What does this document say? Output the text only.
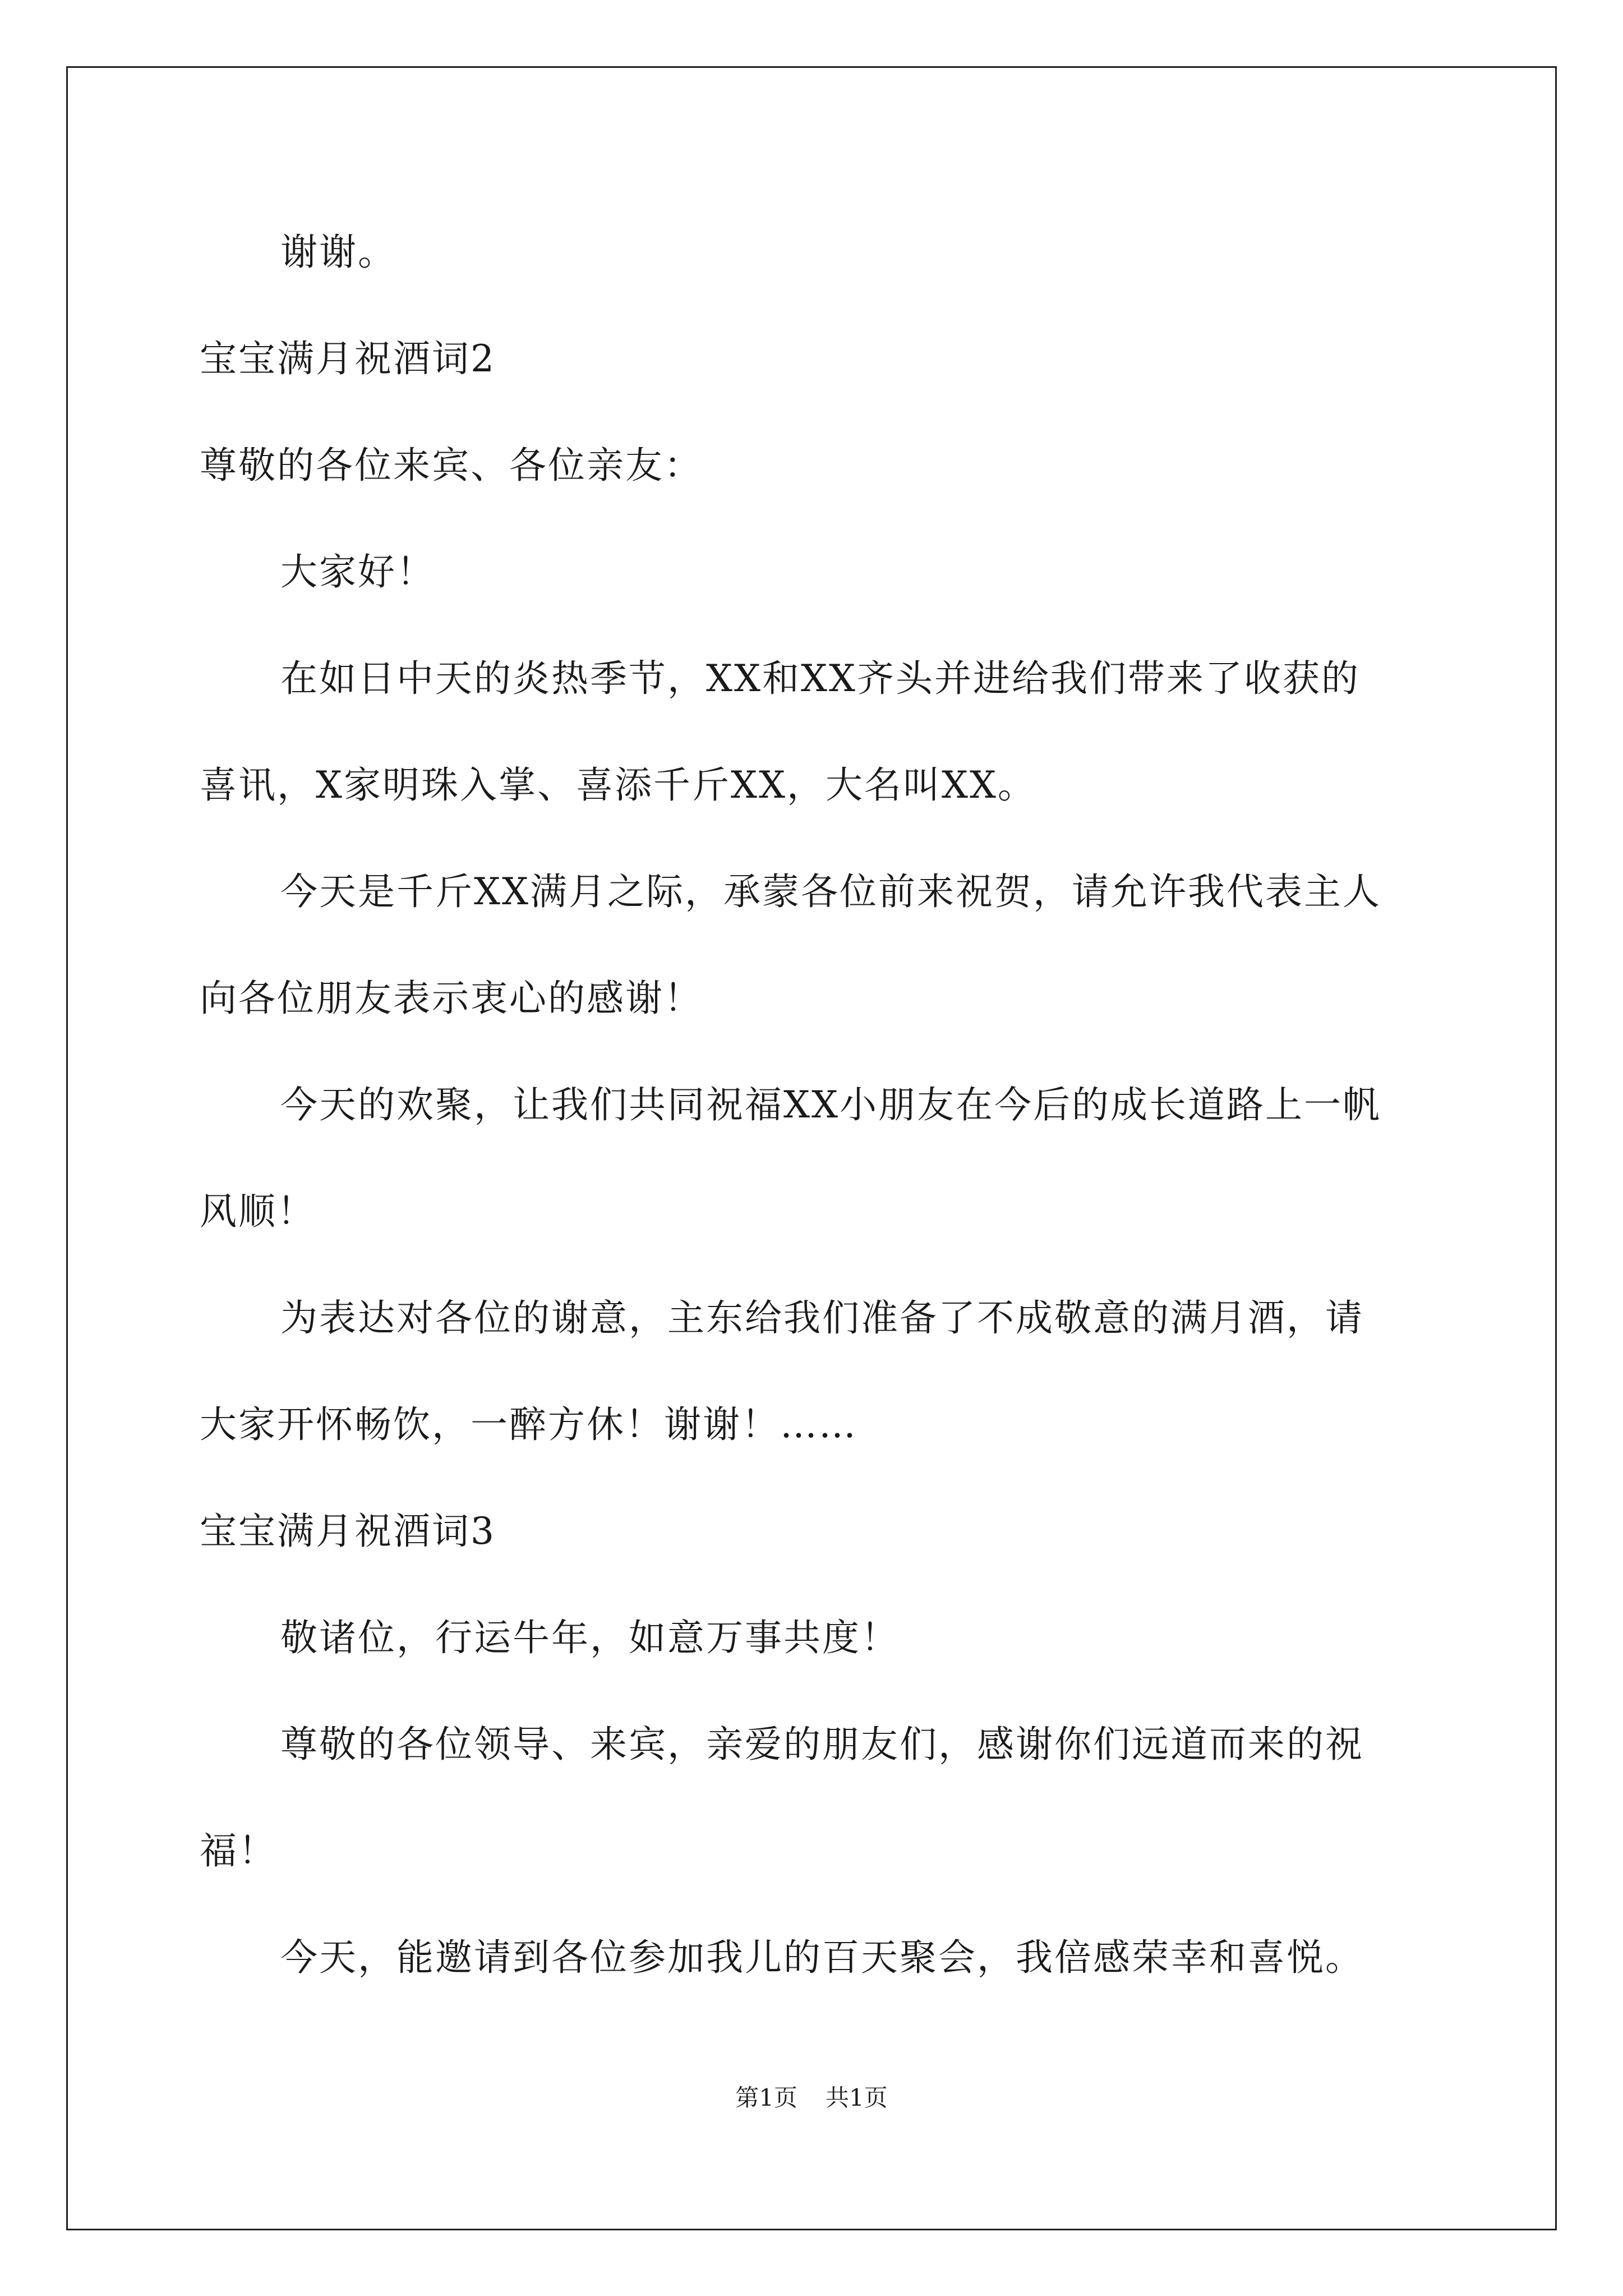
谢谢。

宝宝满月祝酒词2

尊敬的各位来宾、各位亲友：

大家好！

在如日中天的炎热季节，XX和XX齐头并进给我们带来了收获的

喜讯，X家明珠入掌、喜添千斤XX，大名叫XX。

今天是千斤XX满月之际，承蒙各位前来祝贺，请允许我代表主人

向各位朋友表示衷心的感谢！

今天的欢聚，让我们共同祝福XX小朋友在今后的成长道路上一帆

风顺！

为表达对各位的谢意，主东给我们准备了不成敬意的满月酒，请

大家开怀畅饮，一醉方休！谢谢！……

宝宝满月祝酒词3

敬诸位，行运牛年，如意万事共度！

尊敬的各位领导、来宾，亲爱的朋友们，感谢你们远道而来的祝

福！

今天，能邀请到各位参加我儿的百天聚会，我倍感荣幸和喜悦。

第1页 共1页
